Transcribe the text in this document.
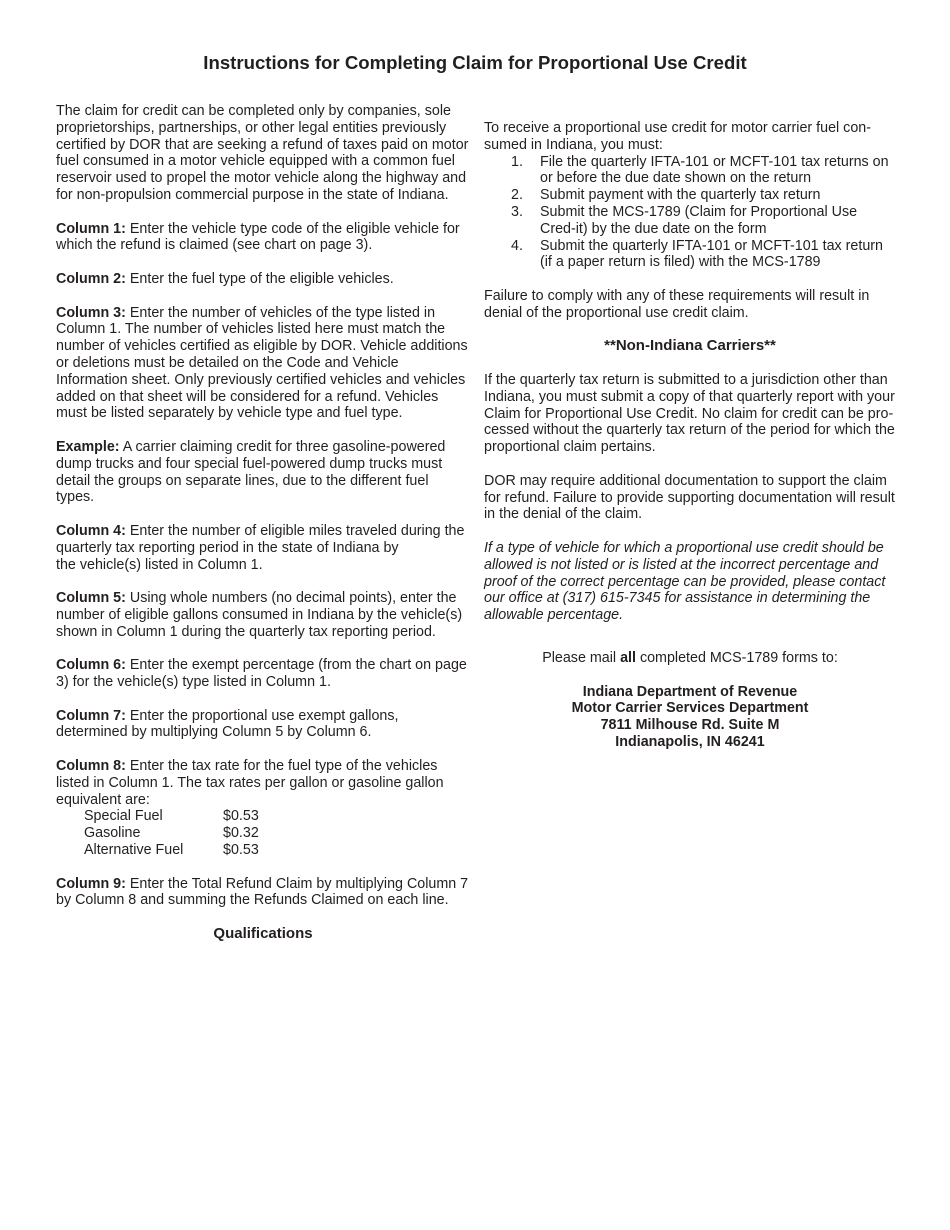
Instructions for Completing Claim for Proportional Use Credit

The claim for credit can be completed only by companies, sole proprietorships, partnerships, or other legal entities previously certified by DOR that are seeking a refund of taxes paid on motor fuel consumed in a motor vehicle equipped with a common fuel reservoir used to propel the motor vehicle along the highway and for non-propulsion commercial purpose in the state of Indiana.

Column 1: Enter the vehicle type code of the eligible vehicle for which the refund is claimed (see chart on page 3).

Column 2: Enter the fuel type of the eligible vehicles.

Column 3: Enter the number of vehicles of the type listed in Column 1. The number of vehicles listed here must match the number of vehicles certified as eligible by DOR. Vehicle additions or deletions must be detailed on the Code and Vehicle Information sheet. Only previously certified vehicles and vehicles added on that sheet will be considered for a refund. Vehicles must be listed separately by vehicle type and fuel type.

Example: A carrier claiming credit for three gasoline-powered dump trucks and four special fuel-powered dump trucks must detail the groups on separate lines, due to the different fuel types.

Column 4: Enter the number of eligible miles traveled during the quarterly tax reporting period in the state of Indiana by
the vehicle(s) listed in Column 1.

Column 5: Using whole numbers (no decimal points), enter the number of eligible gallons consumed in Indiana by the vehicle(s) shown in Column 1 during the quarterly tax reporting period.

Column 6: Enter the exempt percentage (from the chart on page 3) for the vehicle(s) type listed in Column 1.

Column 7: Enter the proportional use exempt gallons, determined by multiplying Column 5 by Column 6.

Column 8: Enter the tax rate for the fuel type of the vehicles listed in Column 1. The tax rates per gallon or gasoline gallon equivalent are:

Special Fuel	$0.53
Gasoline	$0.32
Alternative Fuel	$0.53

Column 9: Enter the Total Refund Claim by multiplying Column 7 by Column 8 and summing the Refunds Claimed on each line.

Qualifications

To receive a proportional use credit for motor carrier fuel con-sumed in Indiana, you must:

1.	File the quarterly IFTA-101 or MCFT-101 tax returns on or before the due date shown on the return
2.	Submit payment with the quarterly tax return
3.	Submit the MCS-1789 (Claim for Proportional Use Cred-it) by the due date on the form
4.	Submit the quarterly IFTA-101 or MCFT-101 tax return (if a paper return is filed) with the MCS-1789

Failure to comply with any of these requirements will result in denial of the proportional use credit claim.

**Non-Indiana Carriers**

If the quarterly tax return is submitted to a jurisdiction other than Indiana, you must submit a copy of that quarterly report with your Claim for Proportional Use Credit. No claim for credit can be pro-cessed without the quarterly tax return of the period for which the proportional claim pertains.

DOR may require additional documentation to support the claim for refund. Failure to provide supporting documentation will result in the denial of the claim.

If a type of vehicle for which a proportional use credit should be allowed is not listed or is listed at the incorrect percentage and proof of the correct percentage can be provided, please contact our office at (317) 615-7345 for assistance in determining the allowable percentage.

Please mail all completed MCS-1789 forms to:

Indiana Department of Revenue
Motor Carrier Services Department
7811 Milhouse Rd. Suite M
Indianapolis, IN 46241
